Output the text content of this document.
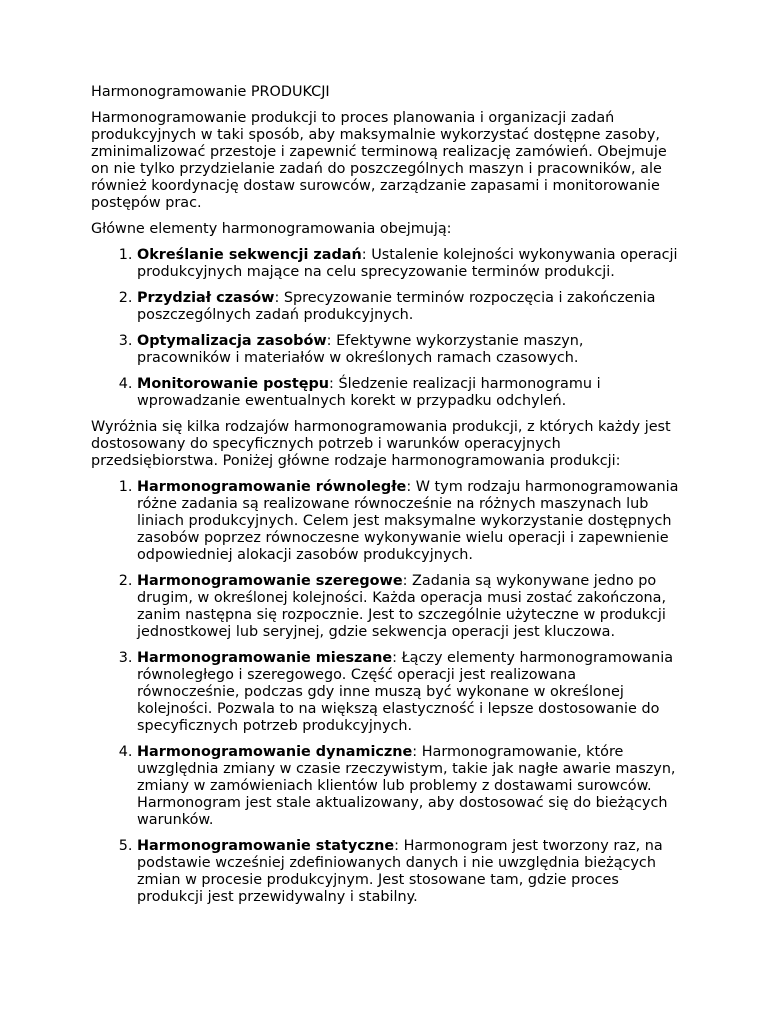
Harmonogramowanie PRODUKCJI

Harmonogramowanie produkcji to proces planowania i organizacji zadań produkcyjnych w taki sposób, aby maksymalnie wykorzystać dostępne zasoby, zminimalizować przestoje i zapewnić terminową realizację zamówień. Obejmuje on nie tylko przydzielanie zadań do poszczególnych maszyn i pracowników, ale również koordynację dostaw surowców, zarządzanie zapasami i monitorowanie postępów prac.

Główne elementy harmonogramowania obejmują:

1. Określanie sekwencji zadań: Ustalenie kolejności wykonywania operacji produkcyjnych mające na celu sprecyzowanie terminów produkcji.
2. Przydział czasów: Sprecyzowanie terminów rozpoczęcia i zakończenia poszczególnych zadań produkcyjnych.
3. Optymalizacja zasobów: Efektywne wykorzystanie maszyn, pracowników i materiałów w określonych ramach czasowych.
4. Monitorowanie postępu: Śledzenie realizacji harmonogramu i wprowadzanie ewentualnych korekt w przypadku odchyleń.

Wyróżnia się kilka rodzajów harmonogramowania produkcji, z których każdy jest dostosowany do specyficznych potrzeb i warunków operacyjnych przedsiębiorstwa. Poniżej główne rodzaje harmonogramowania produkcji:

1. Harmonogramowanie równoległe: W tym rodzaju harmonogramowania różne zadania są realizowane równocześnie na różnych maszynach lub liniach produkcyjnych. Celem jest maksymalne wykorzystanie dostępnych zasobów poprzez równoczesne wykonywanie wielu operacji i zapewnienie odpowiedniej alokacji zasobów produkcyjnych.
2. Harmonogramowanie szeregowe: Zadania są wykonywane jedno po drugim, w określonej kolejności. Każda operacja musi zostać zakończona, zanim następna się rozpocznie. Jest to szczególnie użyteczne w produkcji jednostkowej lub seryjnej, gdzie sekwencja operacji jest kluczowa.
3. Harmonogramowanie mieszane: Łączy elementy harmonogramowania równoległego i szeregowego. Część operacji jest realizowana równocześnie, podczas gdy inne muszą być wykonane w określonej kolejności. Pozwala to na większą elastyczność i lepsze dostosowanie do specyficznych potrzeb produkcyjnych.
4. Harmonogramowanie dynamiczne: Harmonogramowanie, które uwzględnia zmiany w czasie rzeczywistym, takie jak nagłe awarie maszyn, zmiany w zamówieniach klientów lub problemy z dostawami surowców. Harmonogram jest stale aktualizowany, aby dostosować się do bieżących warunków.
5. Harmonogramowanie statyczne: Harmonogram jest tworzony raz, na podstawie wcześniej zdefiniowanych danych i nie uwzględnia bieżących zmian w procesie produkcyjnym. Jest stosowane tam, gdzie proces produkcji jest przewidywalny i stabilny.
